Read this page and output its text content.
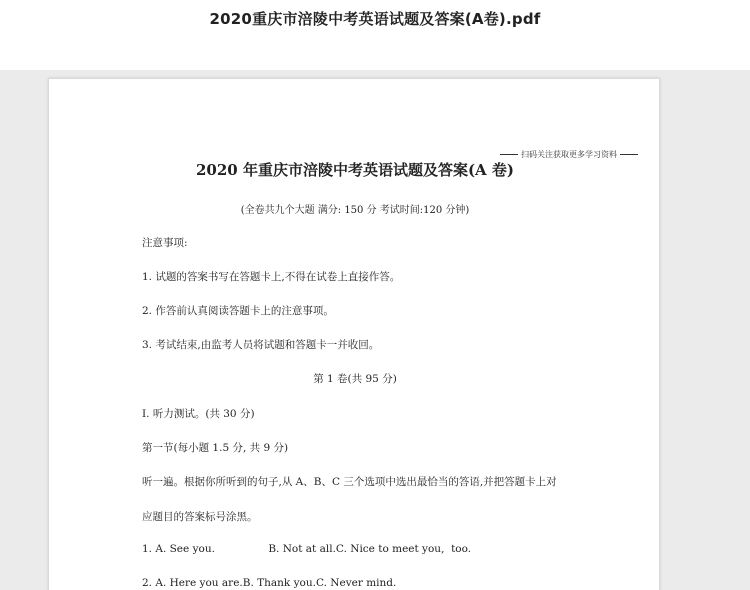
2020重庆市涪陵中考英语试题及答案(A卷).pdf
扫码关注获取更多学习资料
2020 年重庆市涪陵中考英语试题及答案(A 卷)
(全卷共九个大题 满分: 150 分 考试时间:120 分钟)
注意事项:
1. 试题的答案书写在答题卡上,不得在试卷上直接作答。
2. 作答前认真阅读答题卡上的注意事项。
3. 考试结束,由监考人员将试题和答题卡一并收回。
第 1 卷(共 95 分)
I. 听力测试。(共 30 分)
第一节(每小题 1.5 分, 共 9 分)
听一遍。根据你所听到的句子,从 A、B、C 三个选项中选出最恰当的答语,并把答题卡上对
应题目的答案标号涂黑。
1. A. See you.                B. Not at all.C. Nice to meet you,  too.
2. A. Here you are.B. Thank you.C. Never mind.
